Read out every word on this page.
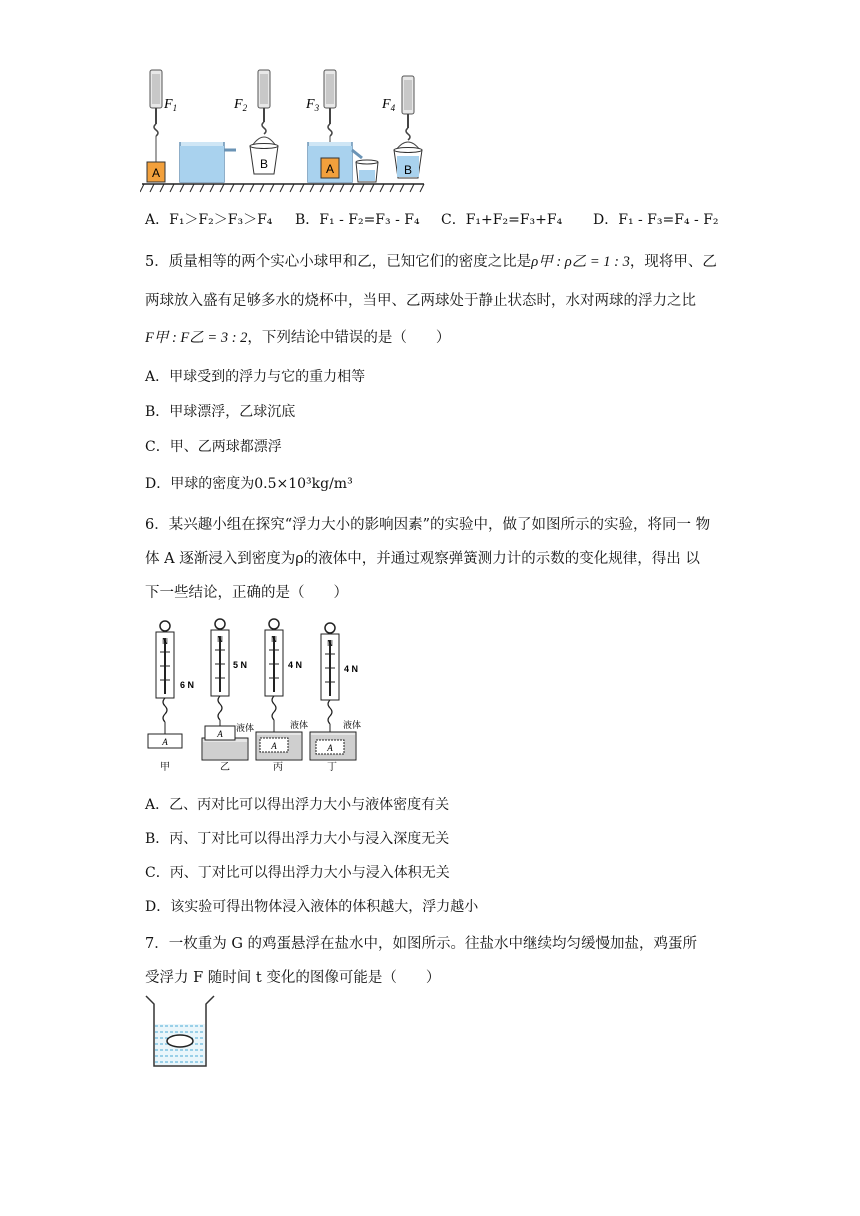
A
$F_1$
B
$F_2$
A
$F_3$
B
$F_4$
A．F₁＞F₂＞F₃＞F₄ B．F₁ - F₂=F₃ - F₄ C．F₁+F₂=F₃+F₄ D．F₁ - F₃=F₄ - F₂
5．质量相等的两个实心小球甲和乙，已知它们的密度之比是ρ甲 : ρ乙 = 1 : 3，现将甲、乙
两球放入盛有足够多水的烧杯中，当甲、乙两球处于静止状态时，水对两球的浮力之比
F甲 : F乙 = 3 : 2，下列结论中错误的是（　　）
A．甲球受到的浮力与它的重力相等
B．甲球漂浮，乙球沉底
C．甲、乙两球都漂浮
D．甲球的密度为0.5×10³kg/m³
6．某兴趣小组在探究“浮力大小的影响因素”的实验中，做了如图所示的实验，将同一 物
体 A 逐渐浸入到密度为ρ的液体中，并通过观察弹簧测力计的示数的变化规律，得出 以
下一些结论，正确的是（　　）
N
A
6 N
甲
N
A
5 N
液体
乙
N
A
4 N
液体
丙
N
A
4 N
液体
丁
A．乙、丙对比可以得出浮力大小与液体密度有关
B．丙、丁对比可以得出浮力大小与浸入深度无关
C．丙、丁对比可以得出浮力大小与浸入体积无关
D．该实验可得出物体浸入液体的体积越大，浮力越小
7．一枚重为 G 的鸡蛋悬浮在盐水中，如图所示。往盐水中继续均匀缓慢加盐，鸡蛋所
受浮力 F 随时间 t 变化的图像可能是（　　）
